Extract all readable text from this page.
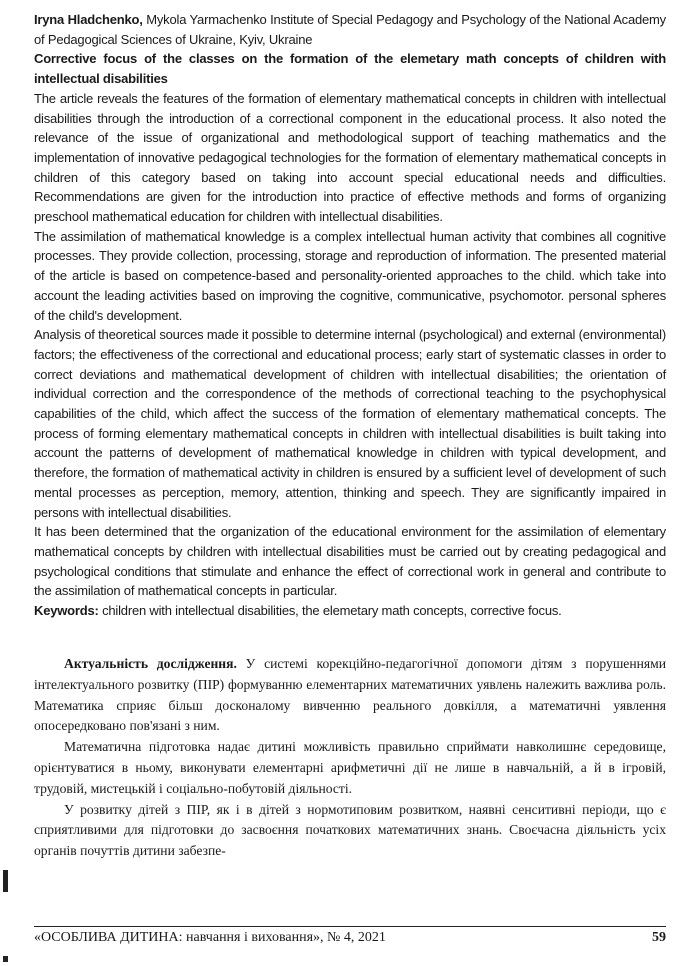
Iryna Hladchenko, Mykola Yarmachenko Institute of Special Pedagogy and Psychology of the National Academy of Pedagogical Sciences of Ukraine, Kyiv, Ukraine

Corrective focus of the classes on the formation of the elemetary math concepts of children with intellectual disabilities

The article reveals the features of the formation of elementary mathematical concepts in children with intellectual disabilities through the introduction of a correctional component in the educational process. It also noted the relevance of the issue of organizational and methodological support of teaching mathematics and the implementation of innovative pedagogical technologies for the formation of elementary mathematical concepts in children of this category based on taking into account special educational needs and difficulties. Recommendations are given for the introduction into practice of effective methods and forms of organizing preschool mathematical education for children with intellectual disabilities.

The assimilation of mathematical knowledge is a complex intellectual human activity that combines all cognitive processes. They provide collection, processing, storage and reproduction of information. The presented material of the article is based on competence-based and personality-oriented approaches to the child. which take into account the leading activities based on improving the cognitive, communicative, psychomotor. personal spheres of the child's development.

Analysis of theoretical sources made it possible to determine internal (psychological) and external (environmental) factors; the effectiveness of the correctional and educational process; early start of systematic classes in order to correct deviations and mathematical development of children with intellectual disabilities; the orientation of individual correction and the correspondence of the methods of correctional teaching to the psychophysical capabilities of the child, which affect the success of the formation of elementary mathematical concepts. The process of forming elementary mathematical concepts in children with intellectual disabilities is built taking into account the patterns of development of mathematical knowledge in children with typical development, and therefore, the formation of mathematical activity in children is ensured by a sufficient level of development of such mental processes as perception, memory, attention, thinking and speech. They are significantly impaired in persons with intellectual disabilities.

It has been determined that the organization of the educational environment for the assimilation of elementary mathematical concepts by children with intellectual disabilities must be carried out by creating pedagogical and psychological conditions that stimulate and enhance the effect of correctional work in general and contribute to the assimilation of mathematical concepts in particular.

Keywords: children with intellectual disabilities, the elemetary math concepts, corrective focus.

Актуальність дослідження. У системі корекційно-педагогічної допомоги дітям з порушеннями інтелектуального розвитку (ПІР) формуванню елементарних математичних уявлень належить важлива роль. Математика сприяє більш досконалому вивченню реального довкілля, а математичні уявлення опосередковано пов'язані з ним.

Математична підготовка надає дитині можливість правильно сприймати навколишнє середовище, орієнтуватися в ньому, виконувати елементарні арифметичні дії не лише в навчальній, а й в ігровій, трудовій, мистецькій і соціально-побутовій діяльності.

У розвитку дітей з ПІР, як і в дітей з нормотиповим розвитком, наявні сенситивні періоди, що є сприятливими для підготовки до засвоєння початкових математичних знань. Своєчасна діяльність усіх органів почуттів дитини забезпе-

«ОСОБЛИВА ДИТИНА: навчання і виховання», № 4, 2021	59
